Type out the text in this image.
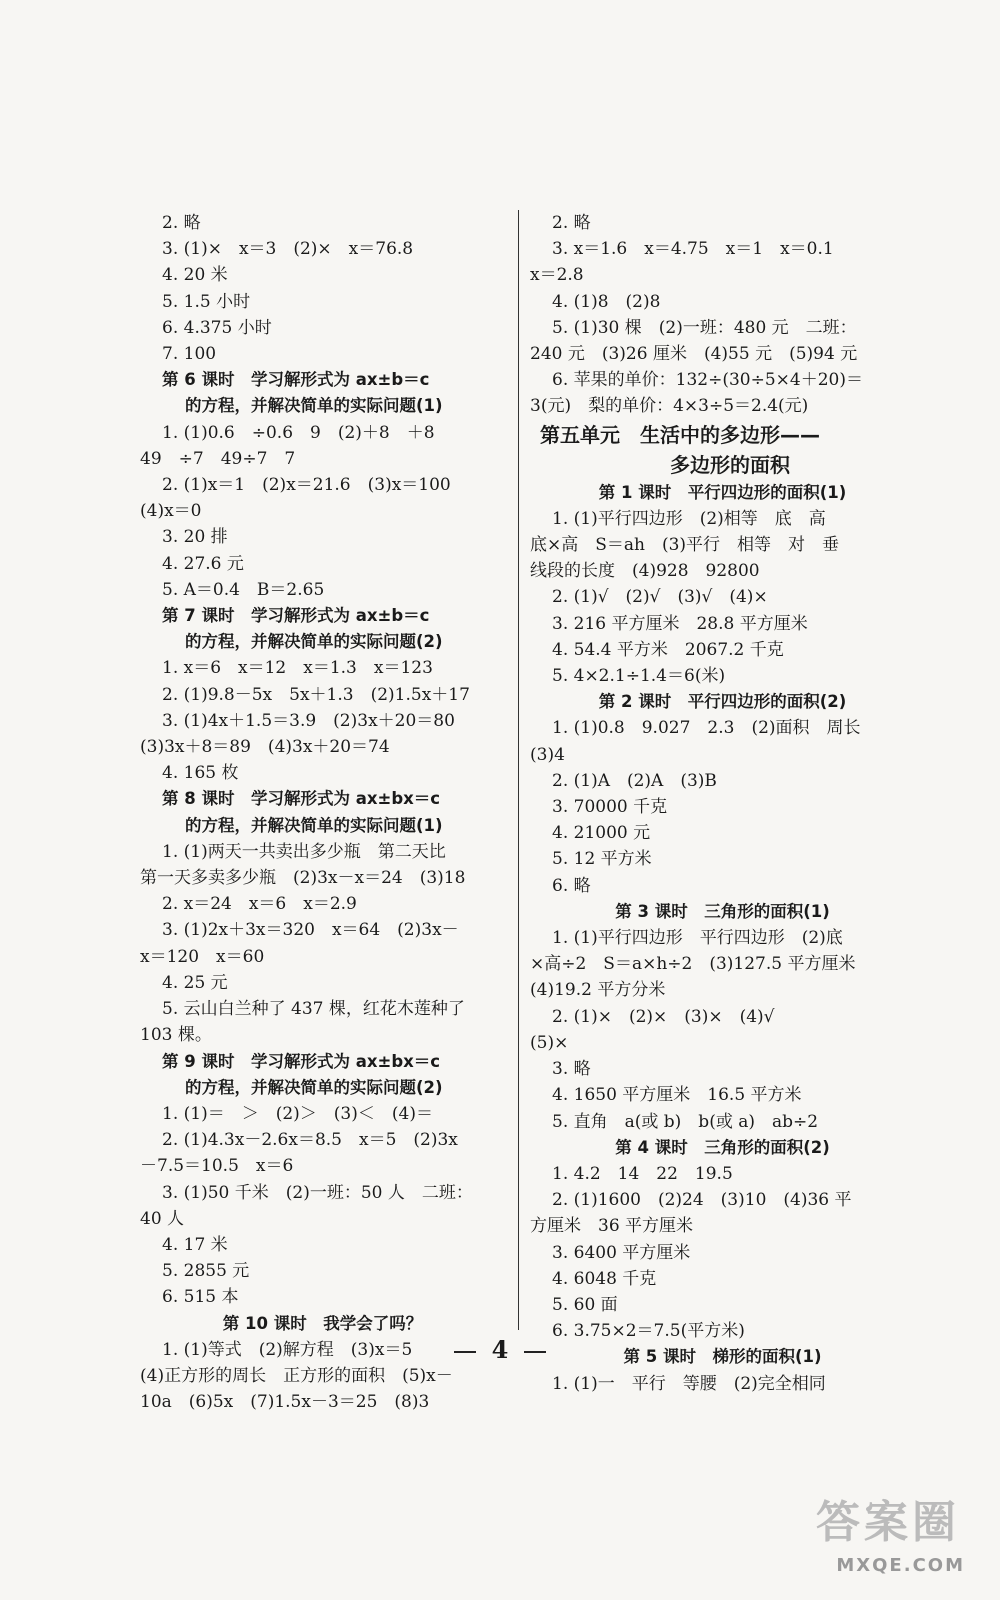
2. 略
3. (1)×　x＝3　(2)×　x＝76.8
4. 20 米
5. 1.5 小时
6. 4.375 小时
7. 100
第 6 课时　学习解形式为 ax±b＝c
的方程，并解决简单的实际问题(1)
1. (1)0.6　÷0.6　9　(2)＋8　＋8
49　÷7　49÷7　7
2. (1)x＝1　(2)x＝21.6　(3)x＝100
(4)x＝0
3. 20 排
4. 27.6 元
5. A＝0.4　B＝2.65
第 7 课时　学习解形式为 ax±b＝c
的方程，并解决简单的实际问题(2)
1. x＝6　x＝12　x＝1.3　x＝123
2. (1)9.8－5x　5x＋1.3　(2)1.5x＋17
3. (1)4x＋1.5＝3.9　(2)3x＋20＝80
(3)3x＋8＝89　(4)3x＋20＝74
4. 165 枚
第 8 课时　学习解形式为 ax±bx＝c
的方程，并解决简单的实际问题(1)
1. (1)两天一共卖出多少瓶　第二天比
第一天多卖多少瓶　(2)3x－x＝24　(3)18
2. x＝24　x＝6　x＝2.9
3. (1)2x＋3x＝320　x＝64　(2)3x－
x＝120　x＝60
4. 25 元
5. 云山白兰种了 437 棵，红花木莲种了
103 棵。
第 9 课时　学习解形式为 ax±bx＝c
的方程，并解决简单的实际问题(2)
1. (1)＝　＞　(2)＞　(3)＜　(4)＝
2. (1)4.3x－2.6x＝8.5　x＝5　(2)3x
－7.5＝10.5　x＝6
3. (1)50 千米　(2)一班：50 人　二班：
40 人
4. 17 米
5. 2855 元
6. 515 本
第 10 课时　我学会了吗？
1. (1)等式　(2)解方程　(3)x＝5
(4)正方形的周长　正方形的面积　(5)x－
10a　(6)5x　(7)1.5x－3＝25　(8)3
2. 略
3. x＝1.6　x＝4.75　x＝1　x＝0.1
x＝2.8
4. (1)8　(2)8
5. (1)30 棵　(2)一班：480 元　二班：
240 元　(3)26 厘米　(4)55 元　(5)94 元
6. 苹果的单价：132÷(30÷5×4＋20)＝
3(元)　梨的单价：4×3÷5＝2.4(元)
第五单元　生活中的多边形——
多边形的面积
第 1 课时　平行四边形的面积(1)
1. (1)平行四边形　(2)相等　底　高
底×高　S＝ah　(3)平行　相等　对　垂
线段的长度　(4)928　92800
2. (1)√　(2)√　(3)√　(4)×
3. 216 平方厘米　28.8 平方厘米
4. 54.4 平方米　2067.2 千克
5. 4×2.1÷1.4＝6(米)
第 2 课时　平行四边形的面积(2)
1. (1)0.8　9.027　2.3　(2)面积　周长
(3)4
2. (1)A　(2)A　(3)B
3. 70000 千克
4. 21000 元
5. 12 平方米
6. 略
第 3 课时　三角形的面积(1)
1. (1)平行四边形　平行四边形　(2)底
×高÷2　S＝a×h÷2　(3)127.5 平方厘米
(4)19.2 平方分米
2. (1)×　(2)×　(3)×　(4)√
(5)×
3. 略
4. 1650 平方厘米　16.5 平方米
5. 直角　a(或 b)　b(或 a)　ab÷2
第 4 课时　三角形的面积(2)
1. 4.2　14　22　19.5
2. (1)1600　(2)24　(3)10　(4)36 平
方厘米　36 平方厘米
3. 6400 平方厘米
4. 6048 千克
5. 60 面
6. 3.75×2＝7.5(平方米)
第 5 课时　梯形的面积(1)
1. (1)一　平行　等腰　(2)完全相同
4
答案圈
MXQE.COM
